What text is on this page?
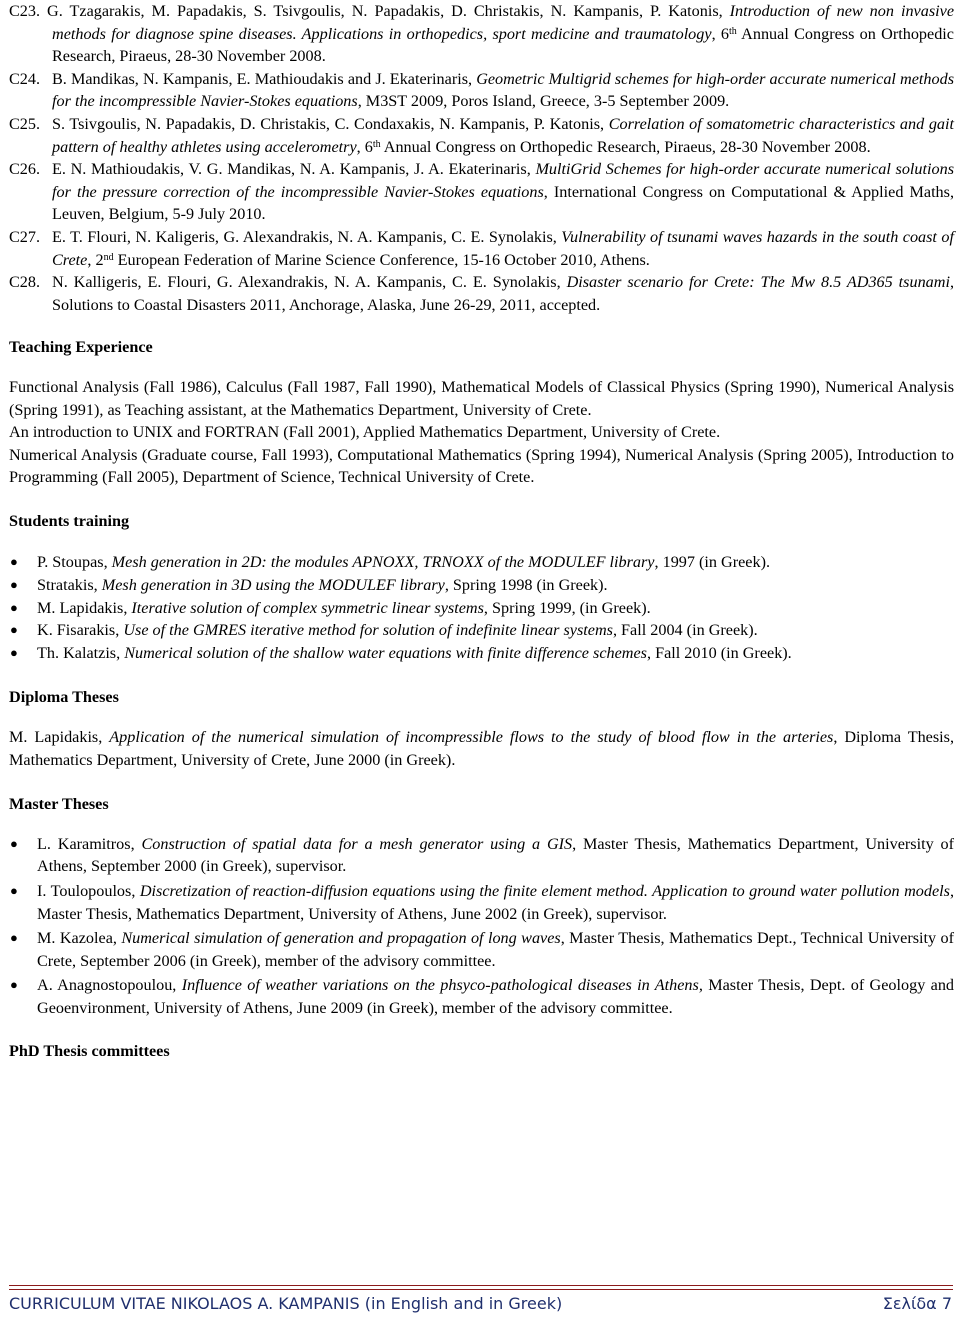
C23. G. Tzagarakis, M. Papadakis, S. Tsivgoulis, N. Papadakis, D. Christakis, N. Kampanis, P. Katonis, Introduction of new non invasive methods for diagnose spine diseases. Applications in orthopedics, sport medicine and traumatology, 6th Annual Congress on Orthopedic Research, Piraeus, 28-30 November 2008.
C24. B. Mandikas, N. Kampanis, E. Mathioudakis and J. Ekaterinaris, Geometric Multigrid schemes for high-order accurate numerical methods for the incompressible Navier-Stokes equations, M3ST 2009, Poros Island, Greece, 3-5 September 2009.
C25. S. Tsivgoulis, N. Papadakis, D. Christakis, C. Condaxakis, N. Kampanis, P. Katonis, Correlation of somatometric characteristics and gait pattern of healthy athletes using accelerometry, 6th Annual Congress on Orthopedic Research, Piraeus, 28-30 November 2008.
C26. E. N. Mathioudakis, V. G. Mandikas, N. A. Kampanis, J. A. Ekaterinaris, MultiGrid Schemes for high-order accurate numerical solutions for the pressure correction of the incompressible Navier-Stokes equations, International Congress on Computational & Applied Maths, Leuven, Belgium, 5-9 July 2010.
C27. E. T. Flouri, N. Kaligeris, G. Alexandrakis, N. A. Kampanis, C. E. Synolakis, Vulnerability of tsunami waves hazards in the south coast of Crete, 2nd European Federation of Marine Science Conference, 15-16 October 2010, Athens.
C28. N. Kalligeris, E. Flouri, G. Alexandrakis, N. A. Kampanis, C. E. Synolakis, Disaster scenario for Crete: The Mw 8.5 AD365 tsunami, Solutions to Coastal Disasters 2011, Anchorage, Alaska, June 26-29, 2011, accepted.
Teaching Experience

Functional Analysis (Fall 1986), Calculus (Fall 1987, Fall 1990), Mathematical Models of Classical Physics (Spring 1990), Numerical Analysis (Spring 1991), as Teaching assistant, at the Mathematics Department, University of Crete.

An introduction to UNIX and FORTRAN (Fall 2001), Applied Mathematics Department, University of Crete.

Numerical Analysis (Graduate course, Fall 1993), Computational Mathematics (Spring 1994), Numerical Analysis (Spring 2005), Introduction to Programming (Fall 2005), Department of Science, Technical University of Crete.

Students training
● P. Stoupas, Mesh generation in 2D: the modules APNOXX, TRNOXX of the MODULEF library, 1997 (in Greek).
● Stratakis, Mesh generation in 3D using the MODULEF library, Spring 1998 (in Greek).
● M. Lapidakis, Iterative solution of complex symmetric linear systems, Spring 1999, (in Greek).
● K. Fisarakis, Use of the GMRES iterative method for solution of indefinite linear systems, Fall 2004 (in Greek).
● Th. Kalatzis, Numerical solution of the shallow water equations with finite difference schemes, Fall 2010 (in Greek).
Diploma Theses

M. Lapidakis, Application of the numerical simulation of incompressible flows to the study of blood flow in the arteries, Diploma Thesis, Mathematics Department, University of Crete, June 2000 (in Greek).

Master Theses
● L. Karamitros, Construction of spatial data for a mesh generator using a GIS, Master Thesis, Mathematics Department, University of Athens, September 2000 (in Greek), supervisor.
● I. Toulopoulos, Discretization of reaction-diffusion equations using the finite element method. Application to ground water pollution models, Master Thesis, Mathematics Department, University of Athens, June 2002 (in Greek), supervisor.
● M. Kazolea, Numerical simulation of generation and propagation of long waves, Master Thesis, Mathematics Dept., Technical University of Crete, September 2006 (in Greek), member of the advisory committee.
● A. Anagnostopoulou, Influence of weather variations on the phsyco-pathological diseases in Athens, Master Thesis, Dept. of Geology and Geoenvironment, University of Athens, June 2009 (in Greek), member of the advisory committee.
PhD Thesis committees
CURRICULUM VITAE NIKOLAOS A. KAMPANIS (in English and in Greek)	Σελίδα 7
